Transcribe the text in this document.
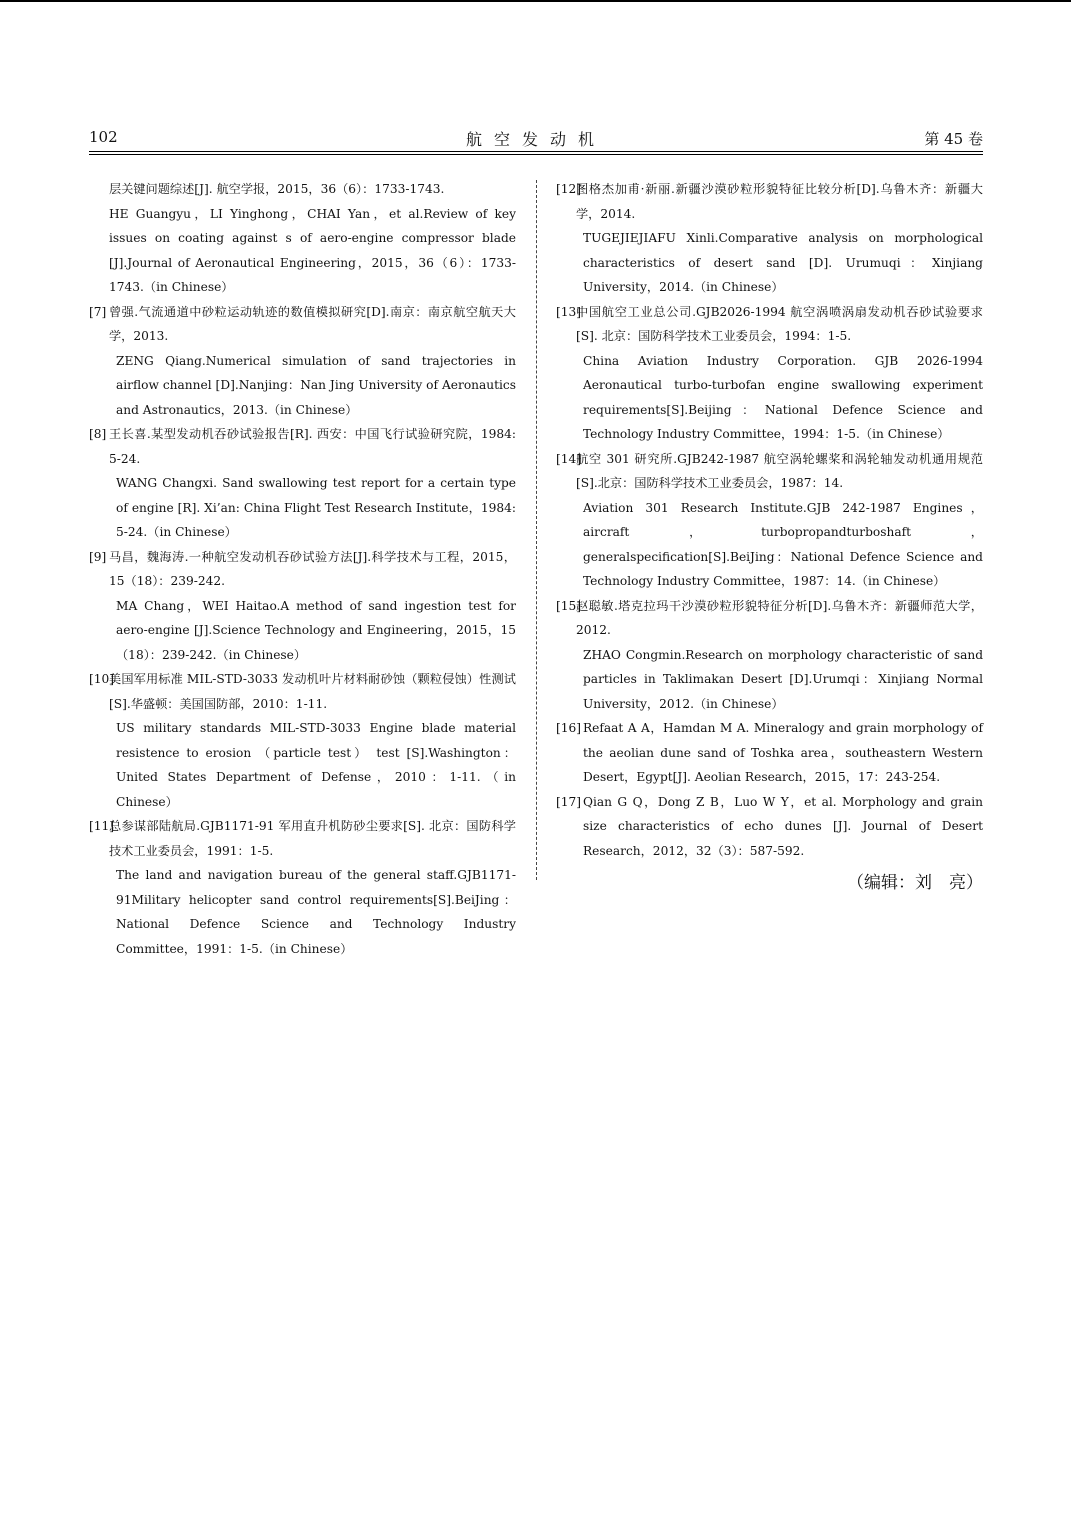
102	航空发动机	第 45 卷

层关键问题综述[J]. 航空学报，2015，36（6）：1733-1743.

HE Guangyu，LI Yinghong，CHAI Yan，et al.Review of key issues on coating against s of aero-engine compressor blade [J].Journal of Aeronautical Engineering，2015，36（6）：1733-1743.（in Chinese）

[7] 曾强.气流通道中砂粒运动轨迹的数值模拟研究[D].南京：南京航空航天大学，2013.

ZENG Qiang.Numerical simulation of sand trajectories in airflow channel [D].Nanjing：Nan Jing University of Aeronautics and Astronautics，2013.（in Chinese）

[8] 王长喜.某型发动机吞砂试验报告[R]. 西安：中国飞行试验研究院，1984: 5-24.

WANG Changxi. Sand swallowing test report for a certain type of engine [R]. Xi’an: China Flight Test Research Institute，1984: 5-24.（in Chinese）

[9] 马昌，魏海涛.一种航空发动机吞砂试验方法[J].科学技术与工程，2015，15（18）：239-242.

MA Chang，WEI Haitao.A method of sand ingestion test for aero-engine [J].Science Technology and Engineering，2015，15（18）：239-242.（in Chinese）

[10]

美国军用标准 MIL-STD-3033 发动机叶片材料耐砂蚀（颗粒侵蚀）性测试[S].华盛顿：美国国防部，2010：1-11.

US military standards MIL-STD-3033 Engine blade material resistence to erosion （particle test） test [S].Washington：United States Department of Defense，2010：1-11.（in Chinese）

[11]

总参谋部陆航局.GJB1171-91 军用直升机防砂尘要求[S]. 北京：国防科学技术工业委员会，1991：1-5.

The land and navigation bureau of the general staff.GJB1171-91Military helicopter sand control requirements[S].BeiJing：National Defence Science and Technology Industry Committee，1991：1-5.（in Chinese）

[12]

图格杰加甫·新丽.新疆沙漠砂粒形貌特征比较分析[D].乌鲁木齐：新疆大学，2014.

TUGEJIEJIAFU Xinli.Comparative analysis on morphological characteristics of desert sand [D]. Urumuqi：Xinjiang University，2014.（in Chinese）

[13]

中国航空工业总公司.GJB2026-1994 航空涡喷涡扇发动机吞砂试验要求[S]. 北京：国防科学技术工业委员会，1994：1-5.

China Aviation Industry Corporation. GJB 2026-1994 Aeronautical turbo-turbofan engine swallowing experiment requirements[S].Beijing：National Defence Science and Technology Industry Committee，1994：1-5.（in Chinese）

[14]

航空 301 研究所.GJB242-1987 航空涡轮螺桨和涡轮轴发动机通用规范[S].北京：国防科学技术工业委员会，1987：14.

Aviation 301 Research Institute.GJB 242-1987 Engines，aircraft，turbopropandturboshaft，generalspecification[S].BeiJing：National Defence Science and Technology Industry Committee，1987：14.（in Chinese）

[15]

赵聪敏.塔克拉玛干沙漠砂粒形貌特征分析[D].乌鲁木齐：新疆师范大学，2012.

ZHAO Congmin.Research on morphology characteristic of sand particles in Taklimakan Desert [D].Urumqi：Xinjiang Normal University，2012.（in Chinese）

[16] Refaat A A，Hamdan M A. Mineralogy and grain morphology of the aeolian dune sand of Toshka area，southeastern Western Desert，Egypt[J]. Aeolian Research，2015，17：243-254.

[17] Qian G Q，Dong Z B，Luo W Y，et al. Morphology and grain size characteristics of echo dunes [J]. Journal of Desert Research，2012，32（3）：587-592.

（编辑：刘　亮）
